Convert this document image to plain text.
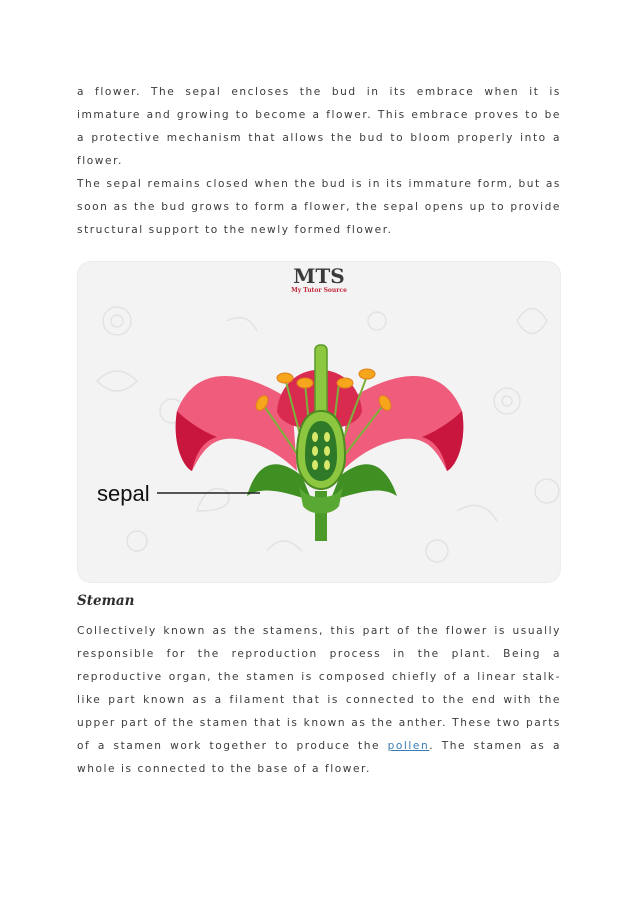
a flower. The sepal encloses the bud in its embrace when it is immature and growing to become a flower. This embrace proves to be a protective mechanism that allows the bud to bloom properly into a flower.

The sepal remains closed when the bud is in its immature form, but as soon as the bud grows to form a flower, the sepal opens up to provide structural support to the newly formed flower.

MTS
My Tutor Source
sepal
Steman

Collectively known as the stamens, this part of the flower is usually responsible for the reproduction process in the plant. Being a reproductive organ, the stamen is composed chiefly of a linear stalk-like part known as a filament that is connected to the end with the upper part of the stamen that is known as the anther. These two parts of a stamen work together to produce the pollen. The stamen as a whole is connected to the base of a flower.
